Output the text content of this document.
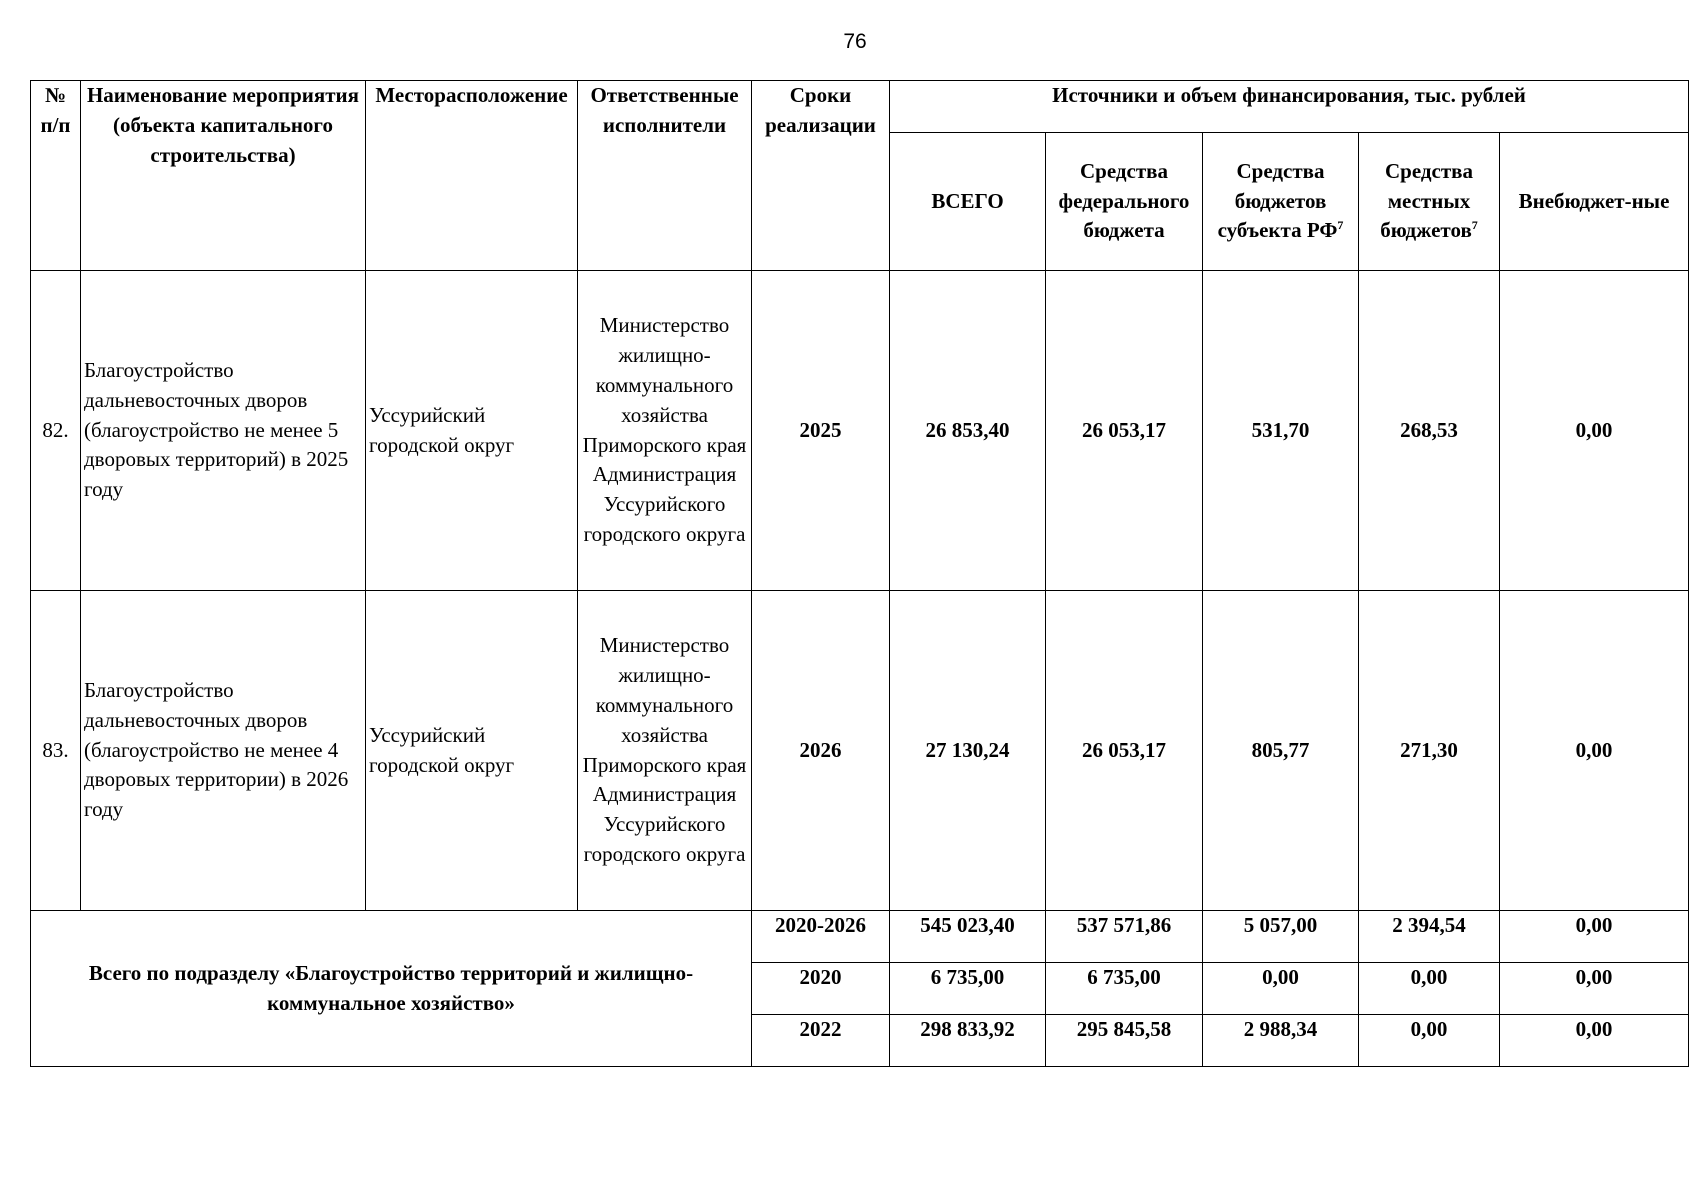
76
№ п/п	Наименование мероприятия (объекта капитального строительства)	Месторасположение	Ответственные исполнители	Сроки реализации	Источники и объем финансирования, тыс. рублей				
					ВСЕГО	Средства федерального бюджета	Средства бюджетов субъекта $РФ^7$	Средства местных бюджетов$^7$	Внебюджет-ные
82.	Благоустройство дальневосточных дворов (благоустройство не менее 5 дворовых территорий) в 2025 году	Уссурийский городской округ	Министерство жилищно-коммунального хозяйства Приморского края Администрация Уссурийского городского округа	2025	26 853,40	26 053,17	531,70	268,53	0,00
83.	Благоустройство дальневосточных дворов (благоустройство не менее 4 дворовых территории) в 2026 году	Уссурийский городской округ	Министерство жилищно-коммунального хозяйства Приморского края Администрация Уссурийского городского округа	2026	27 130,24	26 053,17	805,77	271,30	0,00
Всего по подразделу «Благоустройство территорий и жилищно-коммунальное хозяйство»				2020-2026	545 023,40	537 571,86	5 057,00	2 394,54	0,00
				2020	6 735,00	6 735,00	0,00	0,00	0,00
				2022	298 833,92	295 845,58	2 988,34	0,00	0,00
